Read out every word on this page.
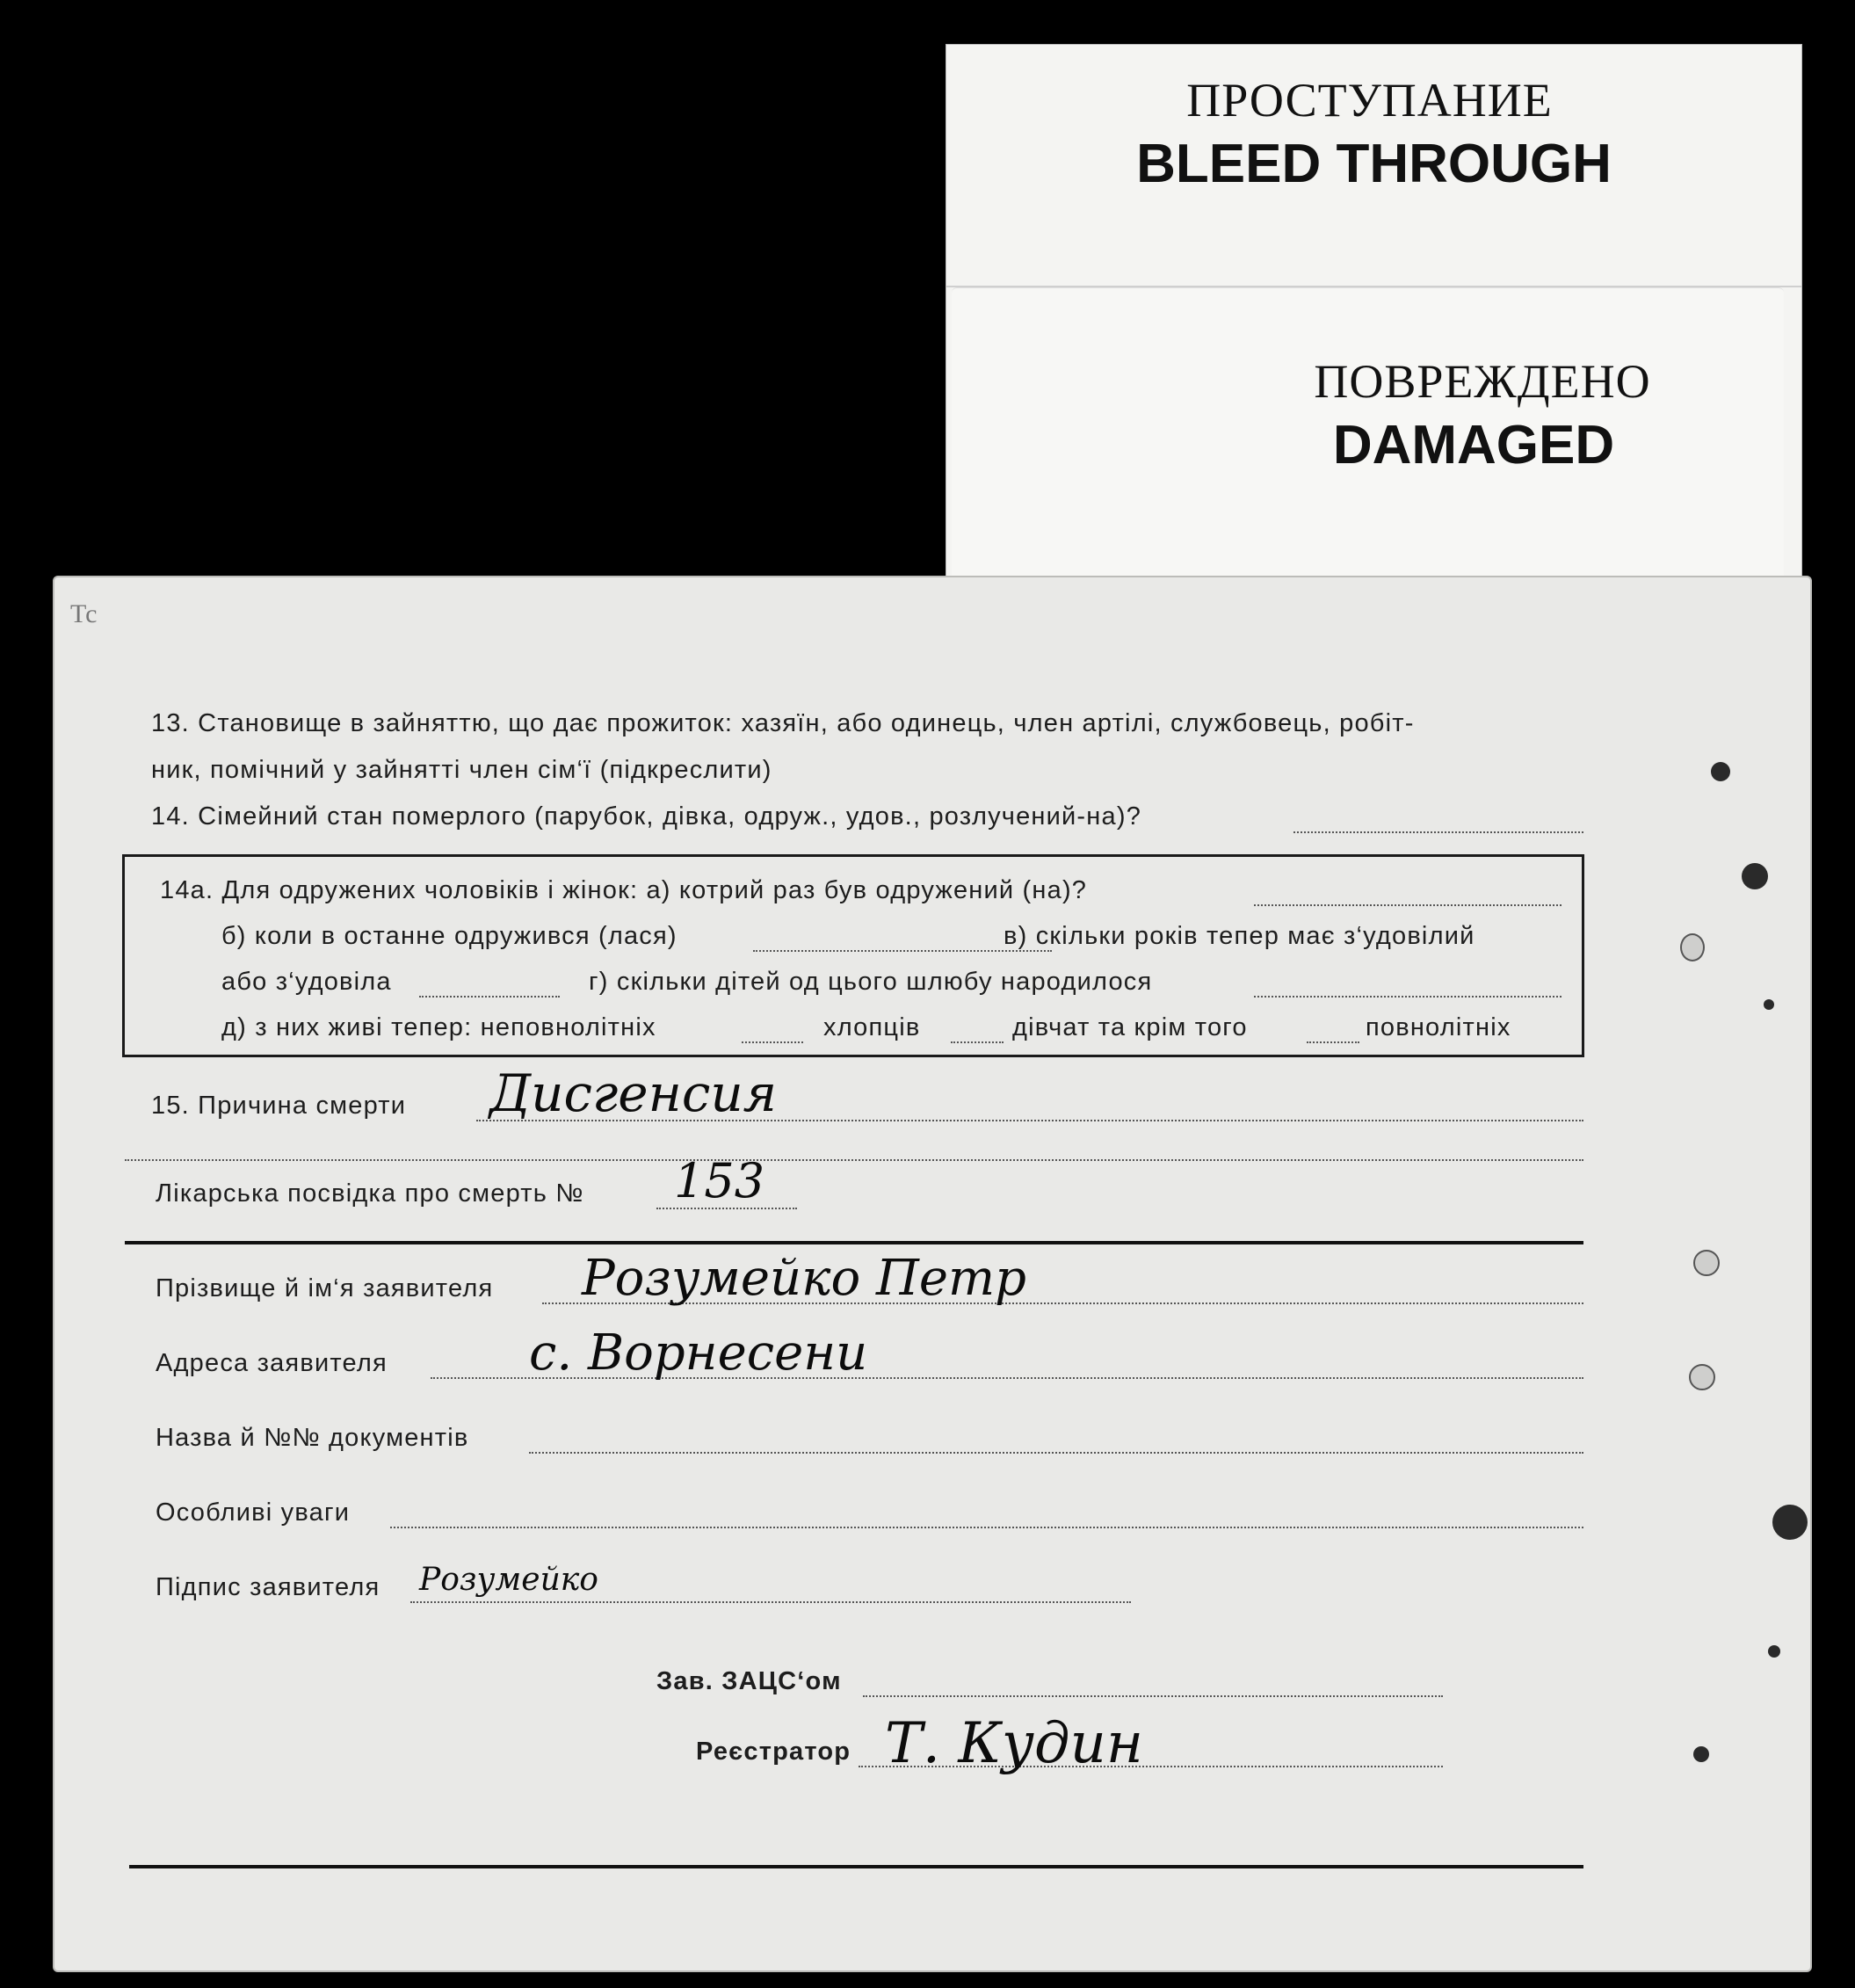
ПРОСТУПАНИЕ
BLEED THROUGH
ПОВРЕЖДЕНО
DAMAGED
Тс
13. Становище в зайняттю, що дає прожиток: хазяїн, або одинець, член артілі, службовець, робіт-
ник, помічний у зайнятті член сім‘ї (підкреслити)
14. Сімейний стан померлого (парубок, дівка, одруж., удов., розлучений-на)?
14а. Для одружених чоловіків і жінок: а) котрий раз був одружений (на)?
б) коли в останне одружився (лася)	в) скільки років тепер має з‘удовілий
або з‘удовіла	г) скільки дітей од цього шлюбу народилося
д) з них живі тепер: неповнолітніх	хлопців	дівчат та крім того	повнолітніх
15. Причина смерти	Дисгенсия
Лікарська посвідка про смерть №	153
Прізвище й ім‘я заявителя	Розумейко Петр
Адреса заявителя	с. Ворнесени
Назва й №№ документів
Особливі уваги
Підпис заявителя	Розумейко
Зав. ЗАЦС‘ом
Реєстратор Т. Кудин
